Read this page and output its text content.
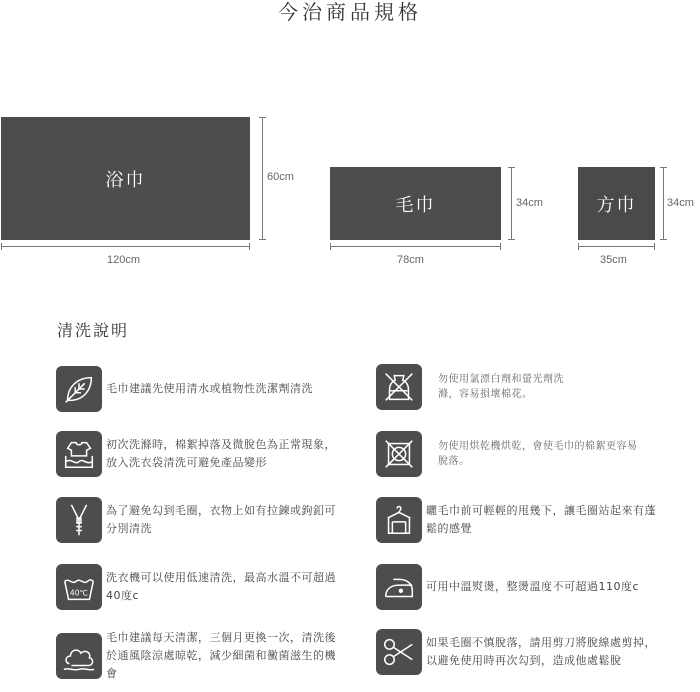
今治商品規格
浴巾	60cm
120cm
毛巾	34cm
78cm
方巾	34cm
35cm
清洗說明
毛巾建議先使用清水或植物性洗潔劑清洗
勿使用氯漂白劑和螢光劑洗滌，容易損壞棉花。
初次洗滌時，棉絮掉落及微脫色為正常現象，放入洗衣袋清洗可避免產品變形
勿使用烘乾機烘乾，會使毛巾的棉絮更容易脫落。
為了避免勾到毛圈，衣物上如有拉鍊或鉤釦可分別清洗
曬毛巾前可輕輕的甩幾下，讓毛圈站起來有蓬鬆的感覺
40℃
洗衣機可以使用低速清洗，最高水溫不可超過40度c
可用中溫熨燙，整燙溫度不可超過110度c
毛巾建議每天清潔，三個月更換一次，清洗後於通風陰涼處晾乾，減少細菌和黴菌滋生的機會
如果毛圈不慎脫落，請用剪刀將脫線處剪掉，以避免使用時再次勾到，造成他處鬆脫
